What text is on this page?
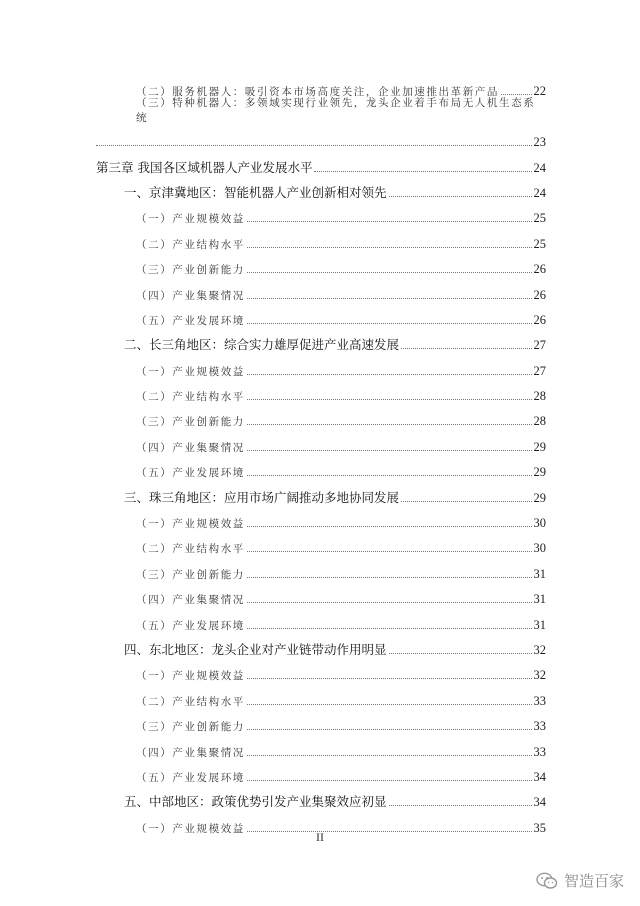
（二）服务机器人：吸引资本市场高度关注，企业加速推出革新产品	22
（三）特种机器人：多领域实现行业领先，龙头企业着手布局无人机生态系统
23
第三章 我国各区域机器人产业发展水平	24
一、京津冀地区：智能机器人产业创新相对领先	24
（一）产业规模效益	25
（二）产业结构水平	25
（三）产业创新能力	26
（四）产业集聚情况	26
（五）产业发展环境	26
二、长三角地区：综合实力雄厚促进产业高速发展	27
（一）产业规模效益	27
（二）产业结构水平	28
（三）产业创新能力	28
（四）产业集聚情况	29
（五）产业发展环境	29
三、珠三角地区：应用市场广阔推动多地协同发展	29
（一）产业规模效益	30
（二）产业结构水平	30
（三）产业创新能力	31
（四）产业集聚情况	31
（五）产业发展环境	31
四、东北地区：龙头企业对产业链带动作用明显	32
（一）产业规模效益	32
（二）产业结构水平	33
（三）产业创新能力	33
（四）产业集聚情况	33
（五）产业发展环境	34
五、中部地区：政策优势引发产业集聚效应初显	34
（一）产业规模效益	35
II
智造百家
